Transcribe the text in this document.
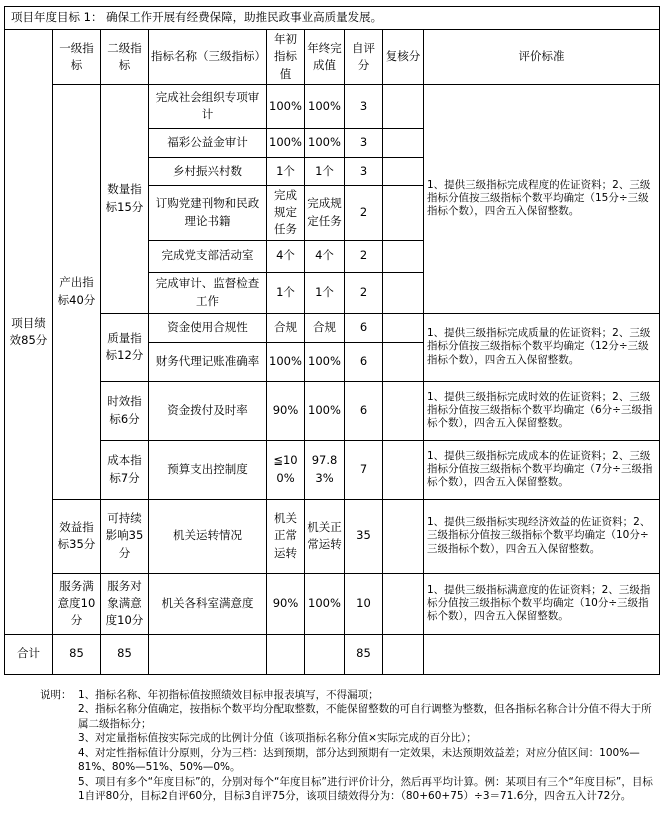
项目年度目标 1： 确保工作开展有经费保障，助推民政事业高质量发展。								
项目绩效85分	一级指标	二级指标	指标名称（三级指标）	年初指标值	年终完成值	自评分	复核分	评价标准
	产出指标40分	数量指标15分	完成社会组织专项审计	100%	100%	3		1、提供三级指标完成程度的佐证资料；2、三级指标分值按三级指标个数平均确定（15分÷三级指标个数），四舍五入保留整数。
			福彩公益金审计	100%	100%	3		
			乡村振兴村数	1个	1个	3		
			订购党建刊物和民政理论书籍	完成规定任务	完成规定任务	2		
			完成党支部活动室	4个	4个	2		
			完成审计、监督检查工作	1个	1个	2		
		质量指标12分	资金使用合规性	合规	合规	6		1、提供三级指标完成质量的佐证资料；2、三级指标分值按三级指标个数平均确定（12分÷三级指标个数），四舍五入保留整数。
			财务代理记账准确率	100%	100%	6		
		时效指标6分	资金拨付及时率	90%	100%	6		1、提供三级指标完成时效的佐证资料；2、三级指标分值按三级指标个数平均确定（6分÷三级指标个数），四舍五入保留整数。
		成本指标7分	预算支出控制度	≦100%	97.83%	7		1、提供三级指标完成成本的佐证资料；2、三级指标分值按三级指标个数平均确定（7分÷三级指标个数），四舍五入保留整数。
	效益指标35分	可持续影响35分	机关运转情况	机关正常运转	机关正常运转	35		1、提供三级指标实现经济效益的佐证资料；2、三级指标分值按三级指标个数平均确定（10分÷三级指标个数），四舍五入保留整数。
	服务满意度10分	服务对象满意度10分	机关各科室满意度	90%	100%	10		1、提供三级指标满意度的佐证资料；2、三级指标分值按三级指标个数平均确定（10分÷三级指标个数），四舍五入保留整数。
合计	85	85				85		
说明： 1、指标名称、年初指标值按照绩效目标申报表填写，不得漏项；
2、指标名称分值确定，按指标个数平均分配取整数，不能保留整数的可自行调整为整数，但各指标名称合计分值不得大于所属二级指标分；
3、对定量指标值按实际完成的比例计分值（该项指标名称分值×实际完成的百分比）；
4、对定性指标值计分原则，分为三档：达到预期，部分达到预期有一定效果，未达预期效益差；对应分值区间：100%—81%、80%—51%、50%—0%。
5、项目有多个“年度目标”的，分别对每个“年度目标”进行评价计分，然后再平均计算。例：某项目有三个“年度目标”，目标1自评80分，目标2自评60分，目标3自评75分，该项目绩效得分为：（80+60+75）÷3＝71.6分，四舍五入计72分。
